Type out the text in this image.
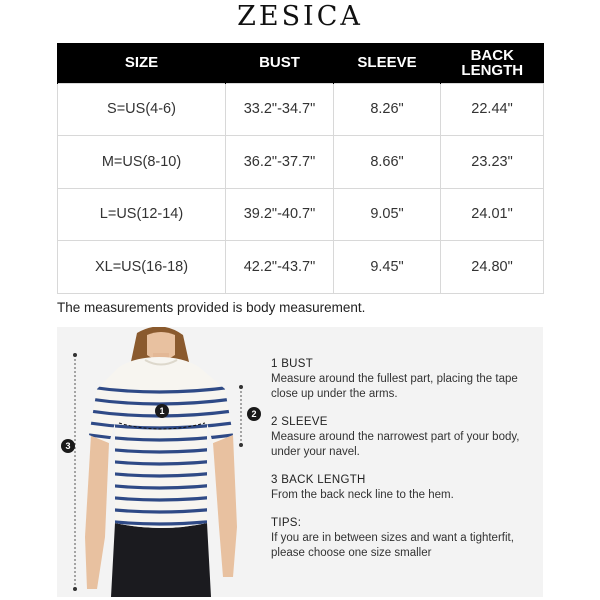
ZESICA
SIZE	BUST	SLEEVE	BACK
LENGTH
S=US(4-6)	33.2"-34.7"	8.26"	22.44"
M=US(8-10)	36.2"-37.7"	8.66"	23.23"
L=US(12-14)	39.2"-40.7"	9.05"	24.01"
XL=US(16-18)	42.2"-43.7"	9.45"	24.80"
The measurements provided is body measurement.
1	2
3
1 BUST
Measure around the fullest part, placing the tape close up under the arms.
2 SLEEVE
Measure around the narrowest part of your body, under your navel.
3 BACK LENGTH
From the back neck line to the hem.
TIPS:
If you are in between sizes and want a tighterfit, please choose one size smaller
